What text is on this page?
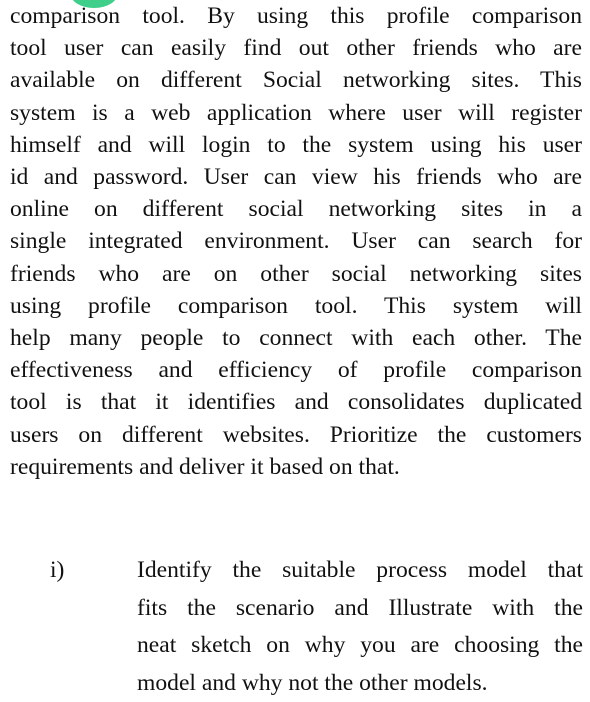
comparison tool. By using this profile comparison
tool user can easily find out other friends who are
available on different Social networking sites. This
system is a web application where user will register
himself and will login to the system using his user
id and password. User can view his friends who are
online on different social networking sites in a
single integrated environment. User can search for
friends who are on other social networking sites
using profile comparison tool. This system will
help many people to connect with each other. The
effectiveness and efficiency of profile comparison
tool is that it identifies and consolidates duplicated
users on different websites. Prioritize the customers
requirements and deliver it based on that.
i)	Identify the suitable process model that
fits the scenario and Illustrate with the
neat sketch on why you are choosing the
model and why not the other models.
